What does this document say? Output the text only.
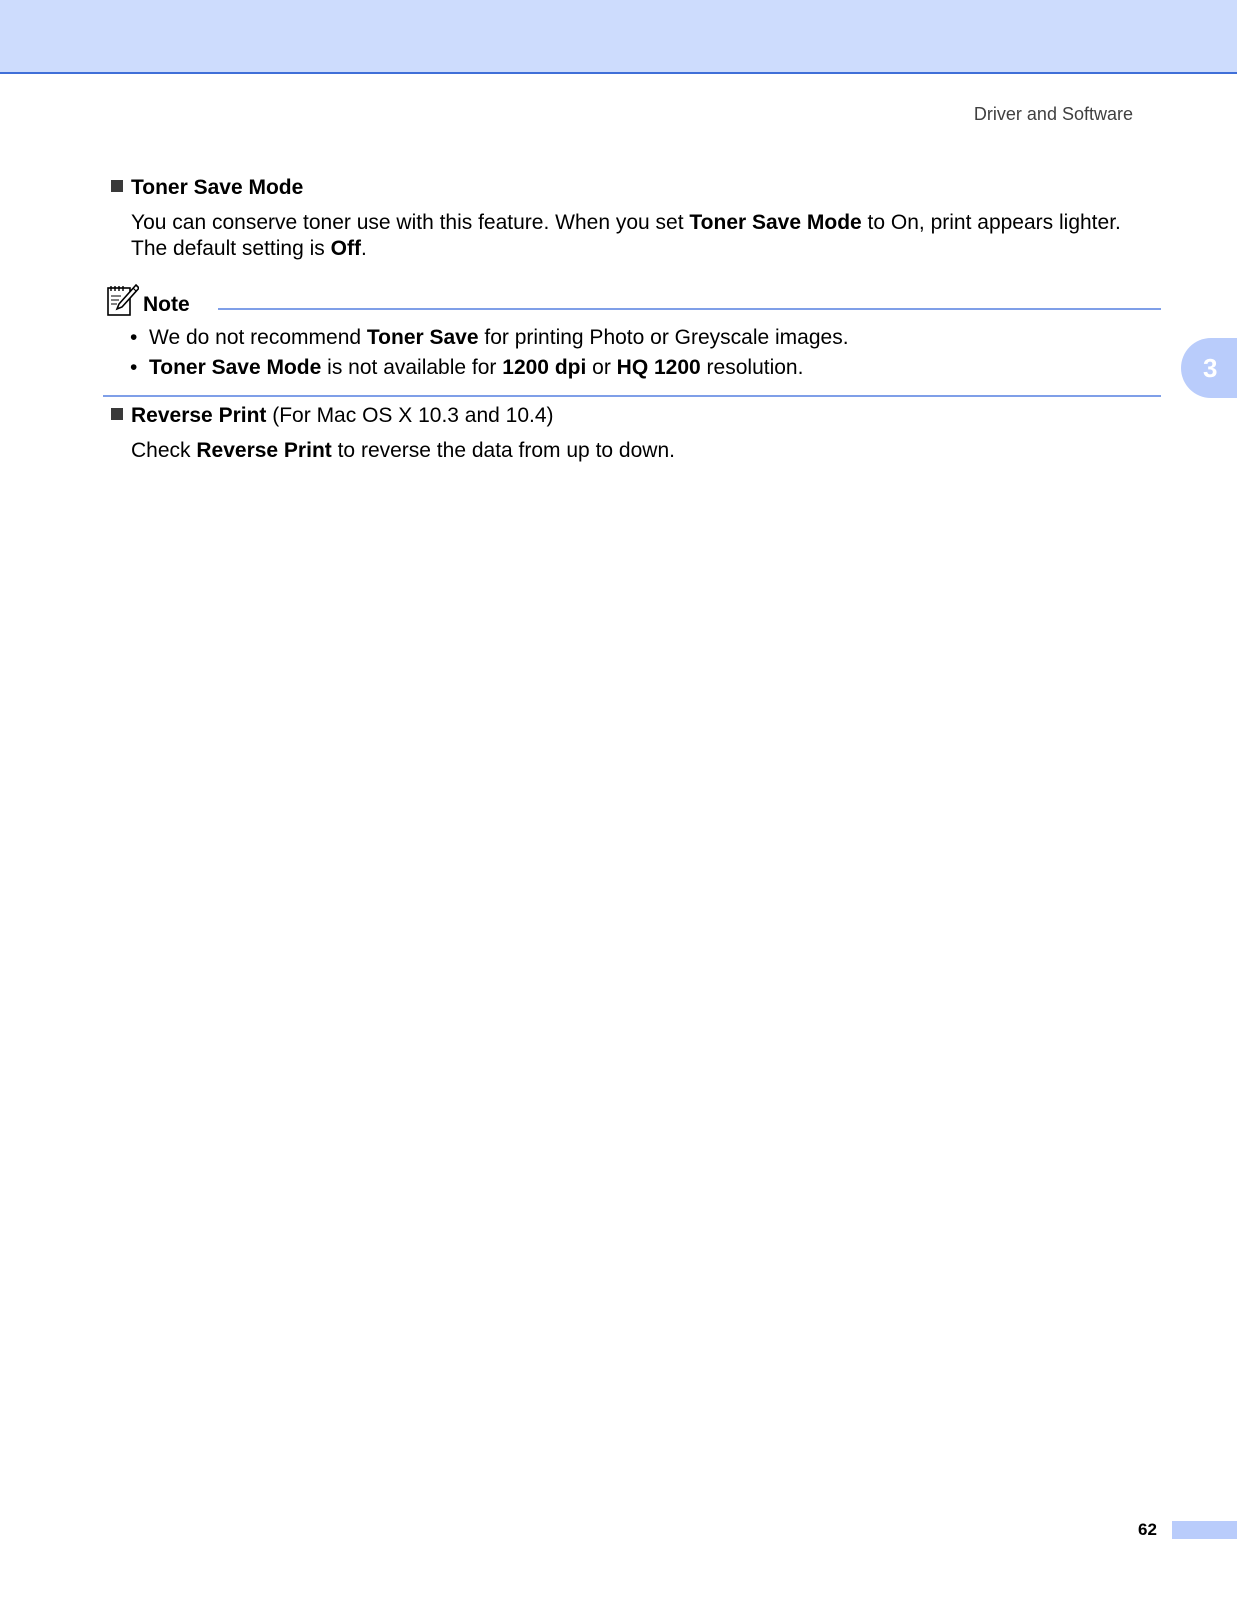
Driver and Software
3

Toner Save Mode

You can conserve toner use with this feature. When you set Toner Save Mode to On, print appears lighter.
The default setting is Off.

Note
• We do not recommend Toner Save for printing Photo or Greyscale images.
• Toner Save Mode is not available for 1200 dpi or HQ 1200 resolution.

Reverse Print (For Mac OS X 10.3 and 10.4)

Check Reverse Print to reverse the data from up to down.

62
